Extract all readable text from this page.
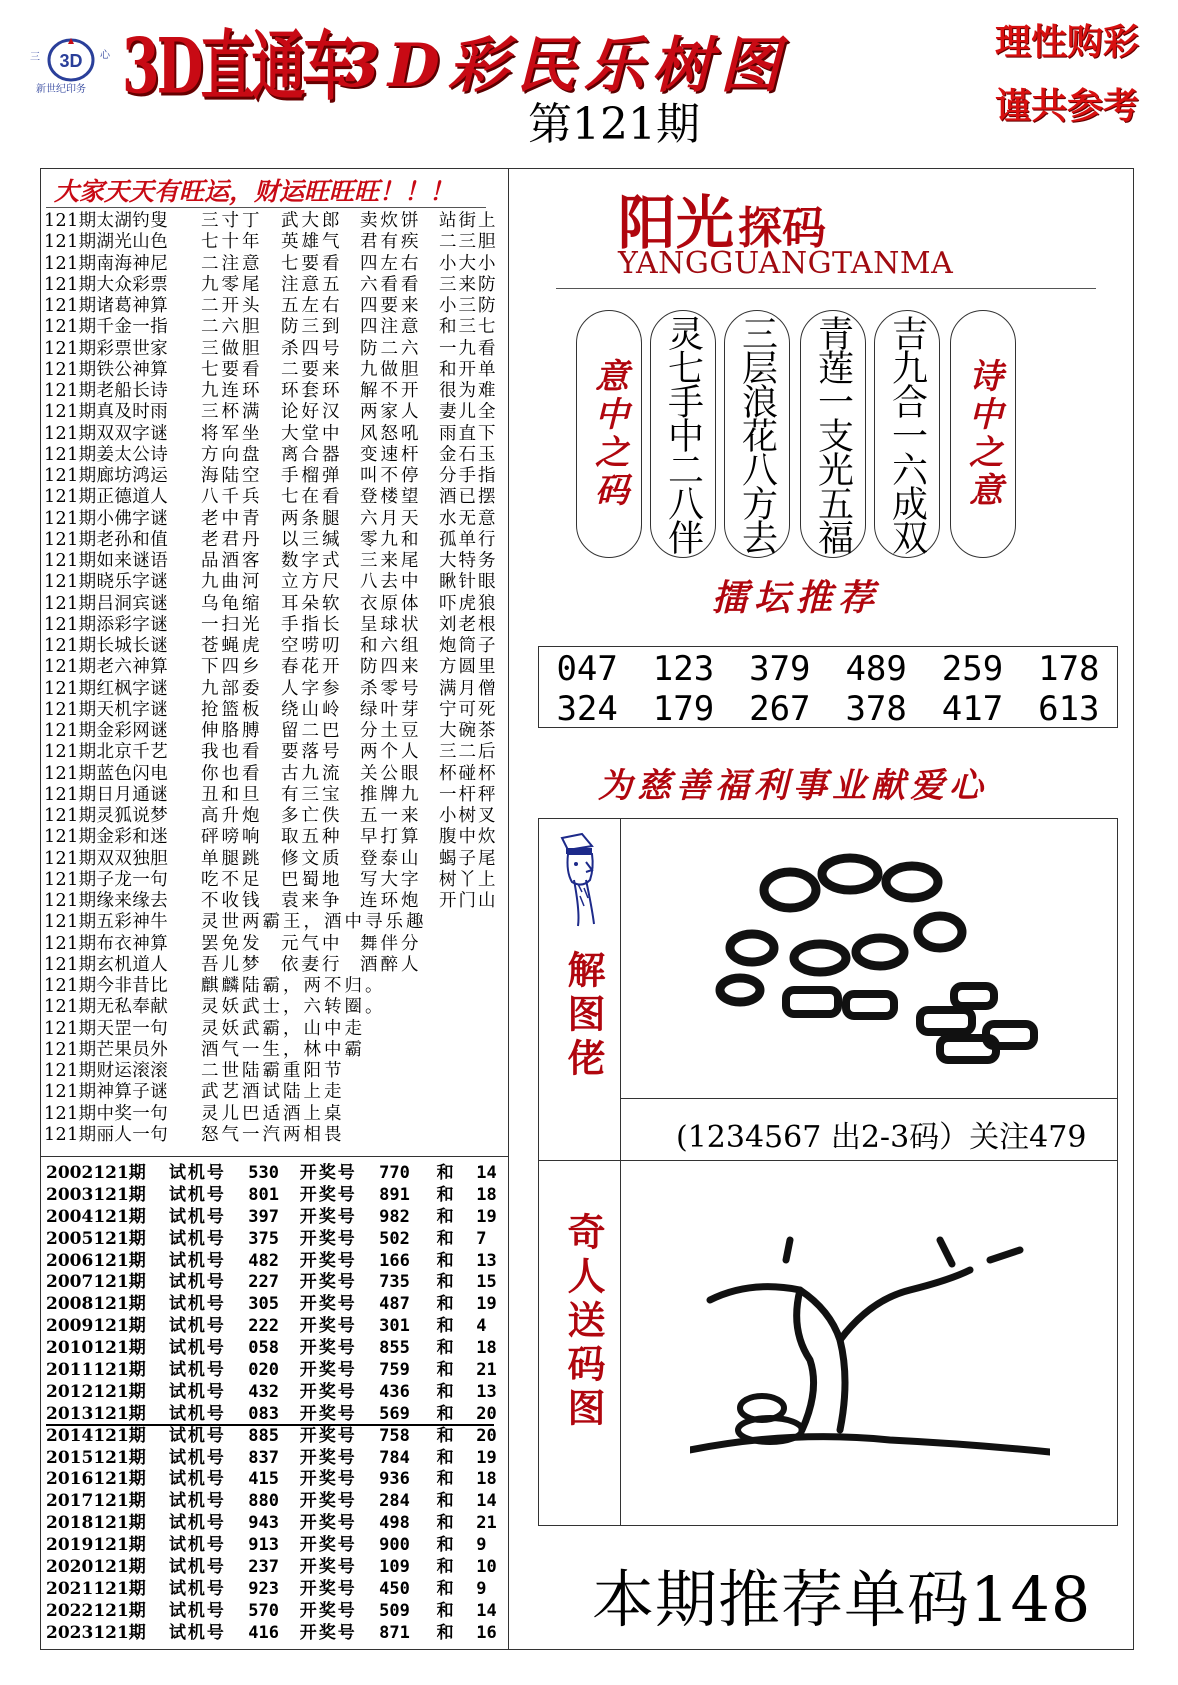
3D
三	心
新世纪印务 3D直通车
3D彩民乐树图
第121期
理性购彩
谨共参考
大家天天有旺运，财运旺旺旺！！！
121期太湖钓叟	三寸丁	武大郎	卖炊饼	站街上
121期湖光山色	七十年	英雄气	君有疾	二三胆
121期南海神尼	二注意	七要看	四左右	小大小
121期大众彩票	九零尾	注意五	六看看	三来防
121期诸葛神算	二开头	五左右	四要来	小三防
121期千金一指	二六胆	防三到	四注意	和三七
121期彩票世家	三做胆	杀四号	防二六	一九看
121期铁公神算	七要看	二要来	九做胆	和开单
121期老船长诗	九连环	环套环	解不开	很为难
121期真及时雨	三杯满	论好汉	两家人	妻儿全
121期双双字谜	将军坐	大堂中	风怒吼	雨直下
121期姜太公诗	方向盘	离合器	变速杆	金石玉
121期廊坊鸿运	海陆空	手榴弹	叫不停	分手指
121期正德道人	八千兵	七在看	登楼望	酒已摆
121期小佛字谜	老中青	两条腿	六月天	水无意
121期老孙和值	老君丹	以三缄	零九和	孤单行
121期如来谜语	品酒客	数字式	三来尾	大特务
121期晓乐字谜	九曲河	立方尺	八去中	瞅针眼
121期吕洞宾谜	乌龟缩	耳朵软	衣原体	吓虎狼
121期添彩字谜	一扫光	手指长	呈球状	刘老根
121期长城长谜	苍蝇虎	空唠叨	和六组	炮筒子
121期老六神算	下四乡	春花开	防四来	方圆里
121期红枫字谜	九部委	人字参	杀零号	满月僧
121期天机字谜	抢篮板	绕山岭	绿叶芽	宁可死
121期金彩网谜	伸胳膊	留二巴	分土豆	大碗茶
121期北京千艺	我也看	要落号	两个人	三二后
121期蓝色闪电	你也看	古九流	关公眼	杯碰杯
121期日月通谜	丑和旦	有三宝	推牌九	一杆秤
121期灵狐说梦	高升炮	多亡佚	五一来	小树叉
121期金彩和迷	砰嗙响	取五种	早打算	腹中炊
121期双双独胆	单腿跳	修文质	登泰山	蝎子尾
121期子龙一句	吃不足	巴蜀地	写大字	树丫上
121期缘来缘去	不收钱	袁来争	连环炮	开门山
121期五彩神牛	灵世两霸王，酒中寻乐趣
121期布衣神算	罢免发	元气中	舞伴分
121期玄机道人	吾儿梦	依妻行	酒醉人
121期今非昔比	麒麟陆霸，两不归。
121期无私奉献	灵妖武士，六转圈。
121期天罡一句	灵妖武霸，山中走
121期芒果员外	酒气一生，林中霸
121期财运滚滚	二世陆霸重阳节
121期神算子谜	武艺酒试陆上走
121期中奖一句	灵儿巴适酒上桌
121期丽人一句	怒气一汽两相畏
2002121期	试机号	530	开奖号	770	和	14
2003121期	试机号	801	开奖号	891	和	18
2004121期	试机号	397	开奖号	982	和	19
2005121期	试机号	375	开奖号	502	和	7
2006121期	试机号	482	开奖号	166	和	13
2007121期	试机号	227	开奖号	735	和	15
2008121期	试机号	305	开奖号	487	和	19
2009121期	试机号	222	开奖号	301	和	4
2010121期	试机号	058	开奖号	855	和	18
2011121期	试机号	020	开奖号	759	和	21
2012121期	试机号	432	开奖号	436	和	13
2013121期	试机号	083	开奖号	569	和	20
2014121期	试机号	885	开奖号	758	和	20
2015121期	试机号	837	开奖号	784	和	19
2016121期	试机号	415	开奖号	936	和	18
2017121期	试机号	880	开奖号	284	和	14
2018121期	试机号	943	开奖号	498	和	21
2019121期	试机号	913	开奖号	900	和	9
2020121期	试机号	237	开奖号	109	和	10
2021121期	试机号	923	开奖号	450	和	9
2022121期	试机号	570	开奖号	509	和	14
2023121期	试机号	416	开奖号	871	和	16
阳光探码
YANGGUANGTANMA
意中之码 灵七手中二八伴 三层浪花八方去 青莲一支光五福 吉九合一六成双 诗中之意
擂坛推荐
047 123 379 489 259 178
324 179 267 378 417 613
为慈善福利事业献爱心
解图佬
(1234567 出2-3码）关注479
奇人送码图
本期推荐单码148
